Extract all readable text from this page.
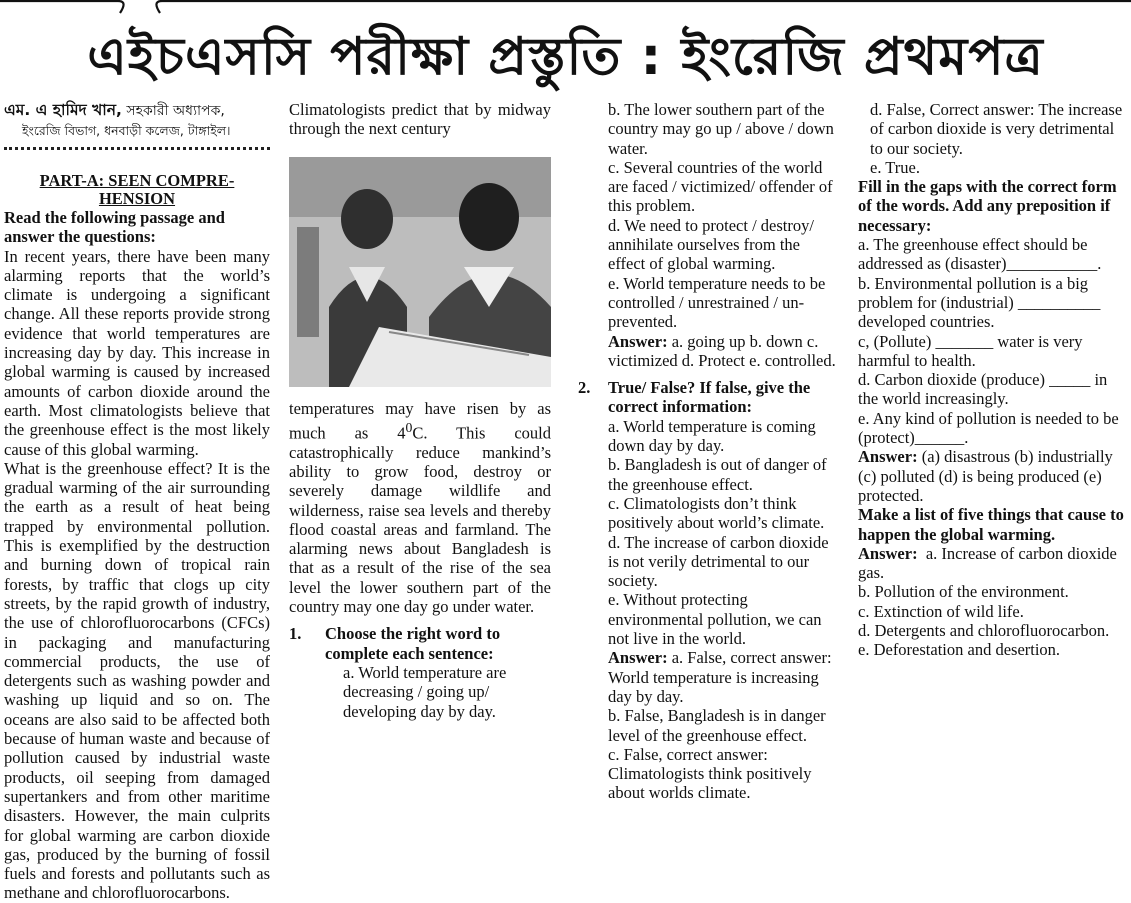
এইচএসসি পরীক্ষা প্রস্তুতি : ইংরেজি প্রথমপত্র
এম. এ হামিদ খান, সহকারী অধ্যাপক,
ইংরেজি বিভাগ, ধনবাড়ী কলেজ, টাঙ্গাইল।

PART-A: SEEN COMPRE-HENSION

Read the following passage and answer the questions:

In recent years, there have been many alarming reports that the world’s climate is undergoing a significant change. All these reports provide strong evidence that world temperatures are increasing day by day. This increase in global warming is caused by increased amounts of carbon dioxide around the earth. Most climatologists believe that the greenhouse effect is the most likely cause of this global warming.

What is the greenhouse effect? It is the gradual warming of the air surrounding the earth as a result of heat being trapped by environmental pollution. This is exemplified by the destruction and burning down of tropical rain forests, by traffic that clogs up city streets, by the rapid growth of industry, the use of chlorofluorocarbons (CFCs) in packaging and manufacturing commercial products, the use of detergents such as washing powder and washing up liquid and so on. The oceans are also said to be affected both because of human waste and because of pollution caused by industrial waste products, oil seeping from damaged supertankers and from other maritime disasters. However, the main culprits for global warming are carbon dioxide gas, produced by the burning of fossil fuels and forests and pollutants such as methane and chlorofluorocarbons.

Climatologists predict that by midway through the next century

temperatures may have risen by as much as $4^0C$. This could catastrophically reduce mankind’s ability to grow food, destroy or severely damage wildlife and wilderness, raise sea levels and thereby flood coastal areas and farmland. The alarming news about Bangladesh is that as a result of the rise of the sea level the lower southern part of the country may one day go under water.

1.	Choose the right word to complete each sentence:

a. World temperature are decreasing / going up/ developing day by day.

b. The lower southern part of the country may go up / above / down water.

c. Several countries of the world are faced / victimized/ offender of this problem.

d. We need to protect / destroy/ annihilate ourselves from the effect of global warming.

e. World temperature needs to be controlled / unrestrained / un-prevented.

Answer: a. going up b. down c. victimized d. Protect e. controlled.

2.	True/ False? If false, give the correct information:

a. World temperature is coming down day by day.

b. Bangladesh is out of danger of the greenhouse effect.

c. Climatologists don’t think positively about world’s climate.

d. The increase of carbon dioxide is not verily detrimental to our society.

e. Without protecting environmental pollution, we can not live in the world.

Answer: a. False, correct answer: World temperature is increasing day by day.

b. False, Bangladesh is in danger level of the greenhouse effect.

c. False, correct answer: Climatologists think positively about worlds climate.

d. False, Correct answer: The increase of carbon dioxide is very detrimental to our society.

e. True.

Fill in the gaps with the correct form of the words. Add any preposition if necessary:

a. The greenhouse effect should be addressed as (disaster)___________.

b. Environmental pollution is a big problem for (industrial) __________ developed countries.

c, (Pollute) _______ water is very harmful to health.

d. Carbon dioxide (produce) _____ in the world increasingly.

e. Any kind of pollution is needed to be (protect)______.

Answer: (a) disastrous (b) industrially (c) polluted (d) is being produced (e) protected.

Make a list of five things that cause to happen the global warming.

Answer: a. Increase of carbon dioxide gas.

b. Pollution of the environment.

c. Extinction of wild life.

d. Detergents and chlorofluorocarbon.

e. Deforestation and desertion.
